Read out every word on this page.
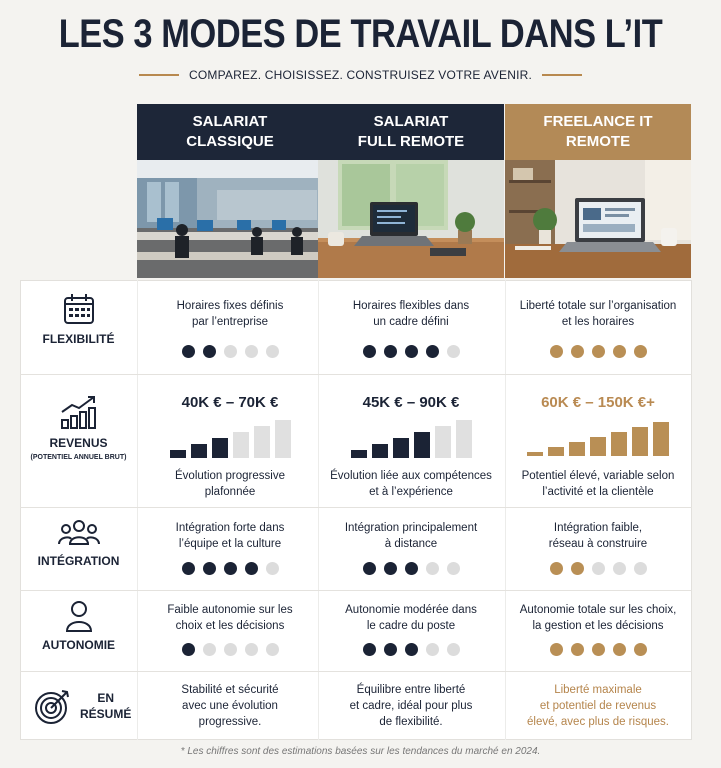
LES 3 MODES DE TRAVAIL DANS L’IT
COMPAREZ. CHOISISSEZ. CONSTRUISEZ VOTRE AVENIR.
SALARIAT
CLASSIQUE
SALARIAT
FULL REMOTE
FREELANCE IT
REMOTE
FLEXIBILITÉ
Horaires fixes définis
par l’entreprise
Horaires flexibles dans
un cadre défini
Liberté totale sur l’organisation
et les horaires
REVENUS
(POTENTIEL ANNUEL BRUT)
40K € – 70K €	45K € – 90K €	60K € – 150K €+
Évolution progressive
plafonnée
Évolution liée aux compétences
et à l’expérience
Potentiel élevé, variable selon
l’activité et la clientèle
INTÉGRATION
Intégration forte dans
l’équipe et la culture
Intégration principalement
à distance
Intégration faible,
réseau à construire
AUTONOMIE
Faible autonomie sur les
choix et les décisions
Autonomie modérée dans
le cadre du poste
Autonomie totale sur les choix,
la gestion et les décisions
EN
RÉSUMÉ
Stabilité et sécurité
avec une évolution
progressive.
Équilibre entre liberté
et cadre, idéal pour plus
de flexibilité.
Liberté maximale
et potentiel de revenus
élevé, avec plus de risques.
* Les chiffres sont des estimations basées sur les tendances du marché en 2024.
